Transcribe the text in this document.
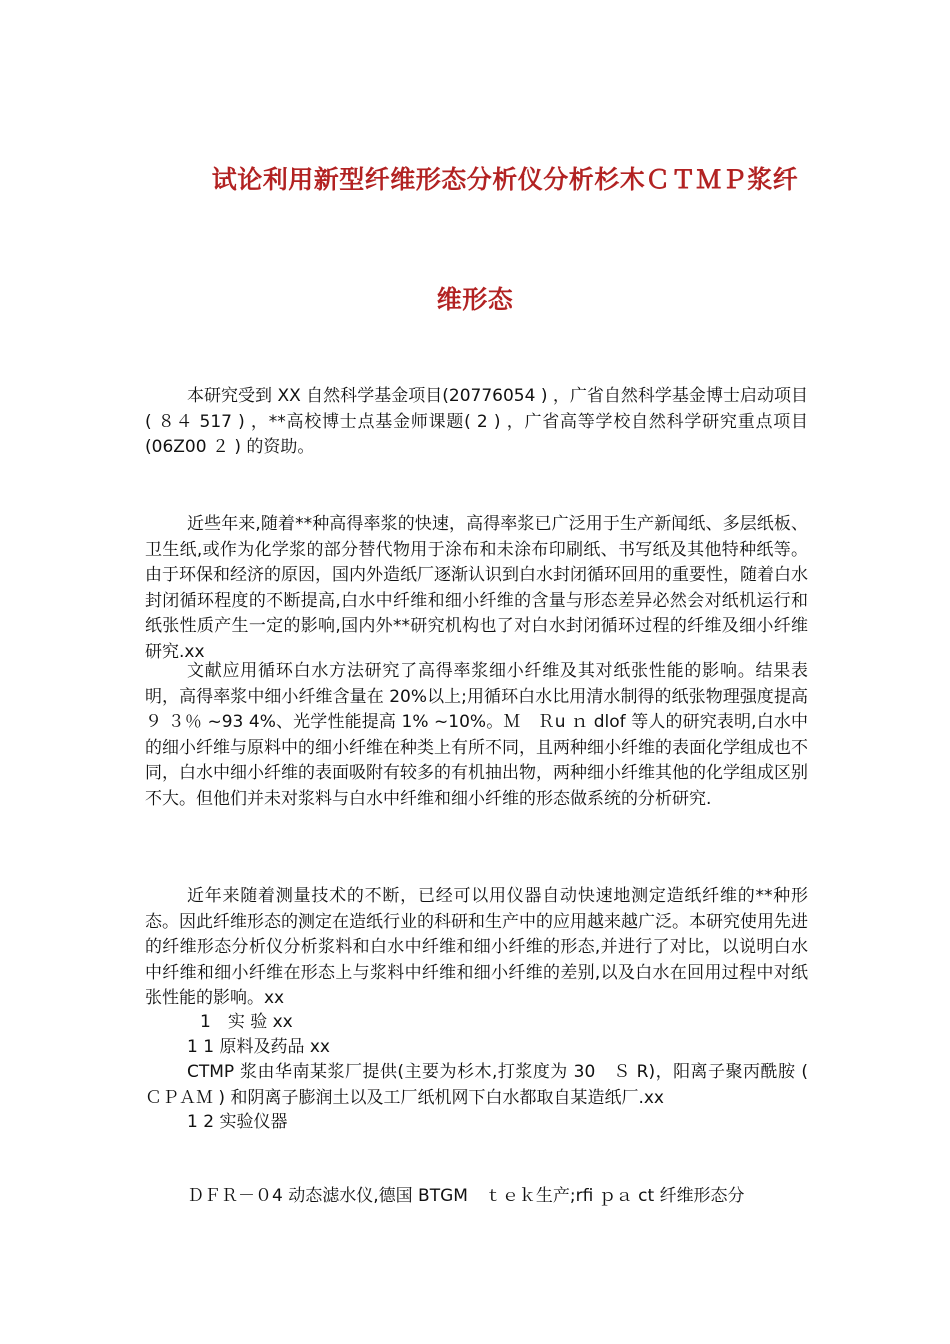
试论利用新型纤维形态分析仪分析杉木ＣＴＭＰ浆纤
维形态

本研究受到 XX 自然科学基金项目(20776054 ) ，广省自然科学基金博士启动项目 ( ８４ 517 ) ，**高校博士点基金师课题( 2 ) ，广省高等学校自然科学研究重点项目(06Z00 ２ ) 的资助。

近些年来,随着**种高得率浆的快速，高得率浆已广泛用于生产新闻纸、多层纸板、卫生纸,或作为化学浆的部分替代物用于涂布和未涂布印刷纸、书写纸及其他特种纸等。由于环保和经济的原因，国内外造纸厂逐渐认识到白水封闭循环回用的重要性，随着白水封闭循环程度的不断提高,白水中纤维和细小纤维的含量与形态差异必然会对纸机运行和纸张性质产生一定的影响,国内外**研究机构也了对白水封闭循环过程的纤维及细小纤维研究.xx

文献应用循环白水方法研究了高得率浆细小纤维及其对纸张性能的影响。结果表明，高得率浆中细小纤维含量在 20%以上;用循环白水比用清水制得的纸张物理强度提高９ ３％ ~93 4%、光学性能提高 1% ~10%。Ｍ　Ｒu ｎ dlof 等人的研究表明,白水中的细小纤维与原料中的细小纤维在种类上有所不同，且两种细小纤维的表面化学组成也不同，白水中细小纤维的表面吸附有较多的有机抽出物，两种细小纤维其他的化学组成区别不大。但他们并未对浆料与白水中纤维和细小纤维的形态做系统的分析研究.

近年来随着测量技术的不断，已经可以用仪器自动快速地测定造纸纤维的**种形态。因此纤维形态的测定在造纸行业的科研和生产中的应用越来越广泛。本研究使用先进的纤维形态分析仪分析浆料和白水中纤维和细小纤维的形态,并进行了对比，以说明白水中纤维和细小纤维在形态上与浆料中纤维和细小纤维的差别,以及白水在回用过程中对纸张性能的影响。xx

1　实 验 xx

1 1 原料及药品 xx

CTMP 浆由华南某浆厂提供(主要为杉木,打浆度为 30　Ｓ R)，阳离子聚丙酰胺 ( ＣＰＡＭ ) 和阴离子膨润土以及工厂纸机网下白水都取自某造纸厂.xx

1 2 实验仪器

ＤＦＲ－０4 动态滤水仪,德国 BTGM　ｔｅｋ生产;rfi ｐａ ct 纤维形态分
